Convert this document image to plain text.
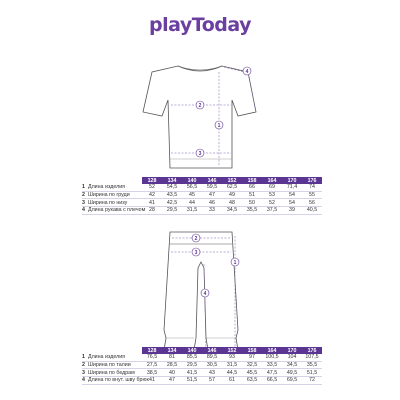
playToday
1
2
3
4
1
2
3
4
		128	134	140	146	152	158	164	170	176
1	Длина изделия	52	54,5	56,5	59,5	62,5	66	69	71,4	74
2	Ширина по груди	42	43,5	45	47	49	51	53	54	55
3	Ширина по низу	41	42,5	44	46	48	50	52	54	56
4	Длина рукава с плечом	28	29,5	31,5	33	34,5	35,5	37,5	39	40,5
		128	134	140	146	152	158	164	170	176
1	Длина изделия	76,5	81	85,5	89,5	93	97	100,5	104	107,5
2	Ширина по талии	27,5	28,5	29,5	30,5	31,5	32,5	33,5	34,5	35,5
3	Ширина по бедрам	38,5	40	41,5	43	44,5	45,5	47,5	49,5	51,5
4	Длина по внут. шву брюк	41	47	51,5	57	61	63,5	66,5	69,5	72
